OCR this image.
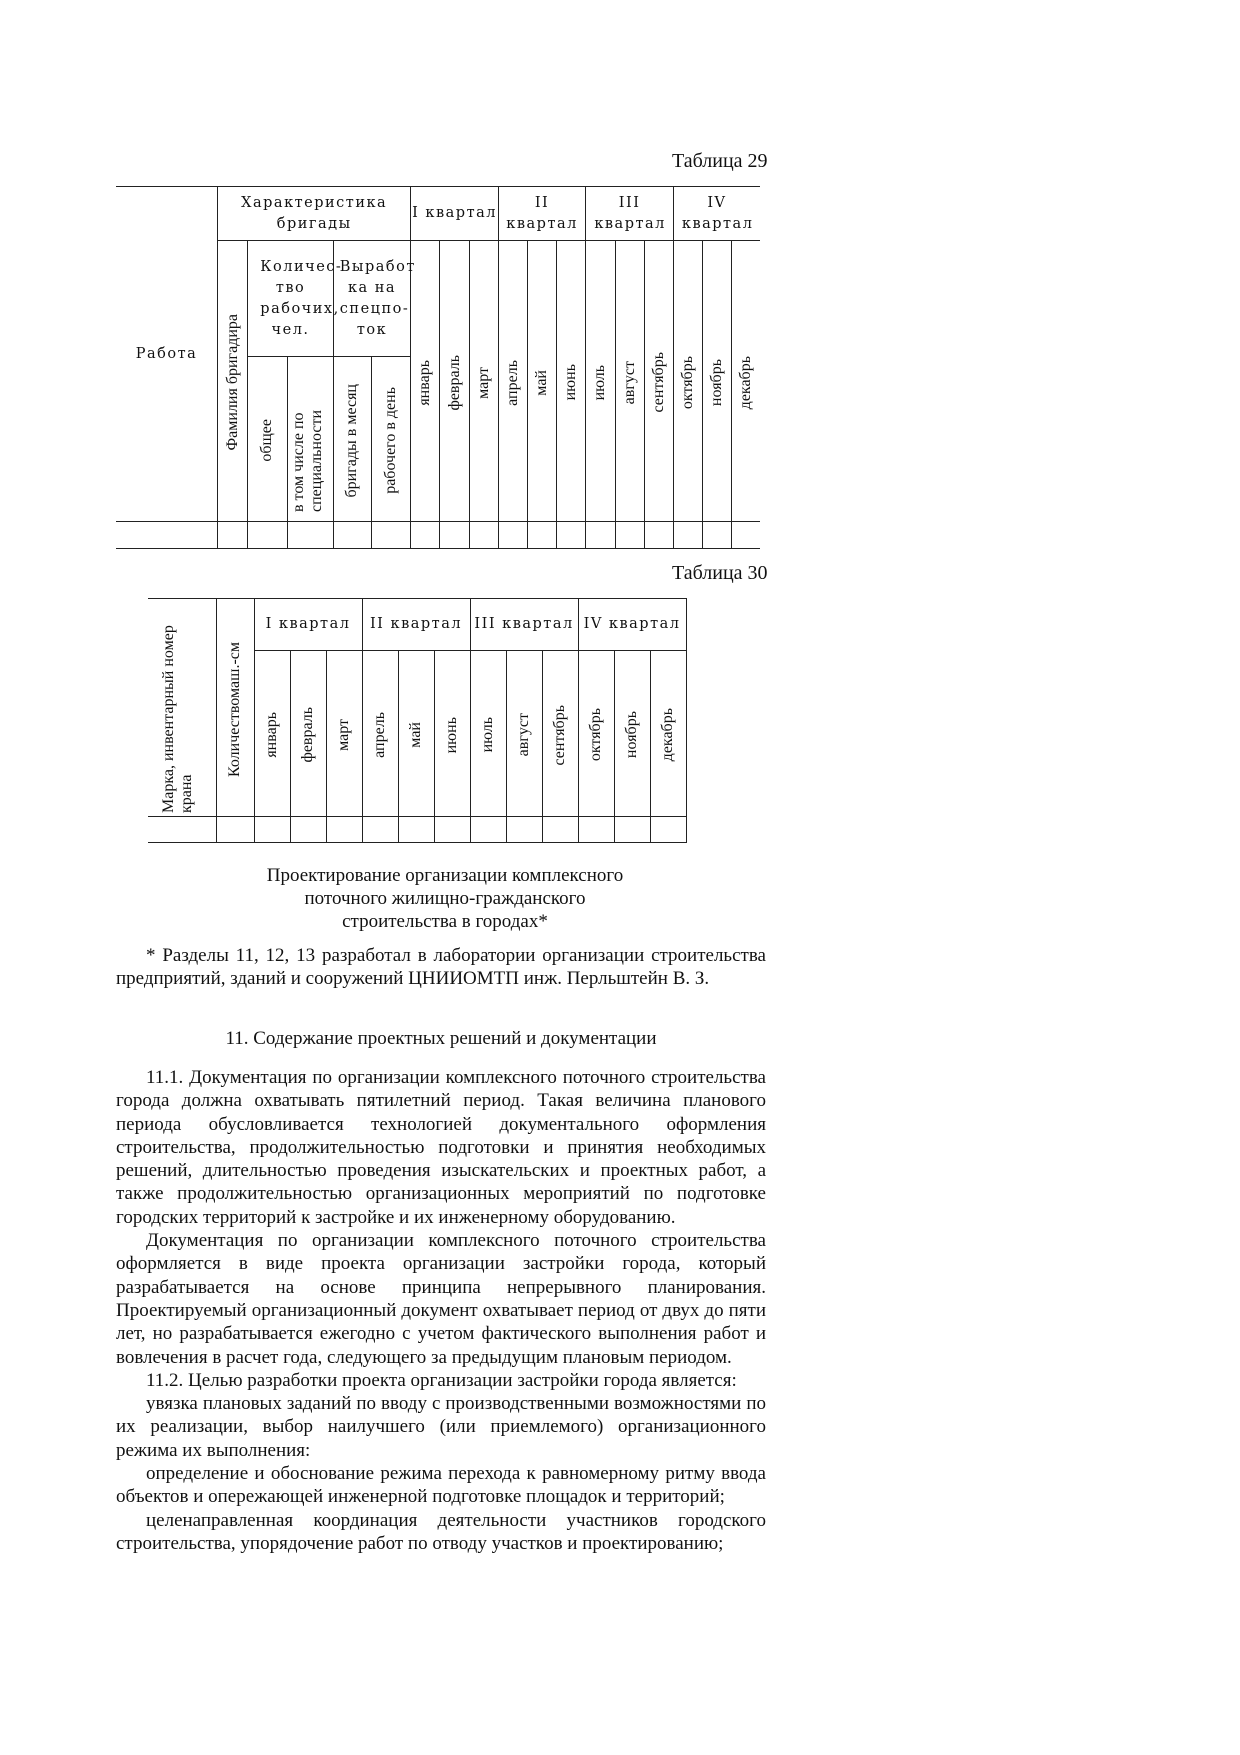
Таблица 29
Работа	Характеристика бригады					I квартал			II квартал			III квартал			IV квартал		

	Фамилия бригадира	Количес-тво рабочих, чел.		Выработ ка на спецпо-ток		январь	февраль	март	апрель	май	июнь	июль	август	сентябрь	октябрь	ноябрь	декабрь

		общее	в том числе по специальности	бригады в месяц	рабочего в день												

Таблица 30
Марка, инвентарный номер крана	Количествомаш.-см	I квартал			II квартал			III квартал			IV квартал		

		январь	февраль	март	апрель	май	июнь	июль	август	сентябрь	октябрь	ноябрь	декабрь

Проектирование организации комплексного
поточного жилищно-гражданского
строительства в городах*

* Разделы 11, 12, 13 разработал в лаборатории организации строительства предприятий, зданий и сооружений ЦНИИОМТП инж. Перльштейн В. З.

11. Содержание проектных решений и документации

11.1. Документация по организации комплексного поточного строительства города должна охватывать пятилетний период. Такая величина планового периода обусловливается технологией документального оформления строительства, продолжительностью подготовки и принятия необходимых решений, длительностью проведения изыскательских и проектных работ, а также продолжительностью организационных мероприятий по подготовке городских территорий к застройке и их инженерному оборудованию.

Документация по организации комплексного поточного строительства оформляется в виде проекта организации застройки города, который разрабатывается на основе принципа непрерывного планирования. Проектируемый организационный документ охватывает период от двух до пяти лет, но разрабатывается ежегодно с учетом фактического выполнения работ и вовлечения в расчет года, следующего за предыдущим плановым периодом.

11.2. Целью разработки проекта организации застройки города является:

увязка плановых заданий по вводу с производственными возможностями по их реализации, выбор наилучшего (или приемлемого) организационного режима их выполнения:

определение и обоснование режима перехода к равномерному ритму ввода объектов и опережающей инженерной подготовке площадок и территорий;

целенаправленная координация деятельности участников городского строительства, упорядочение работ по отводу участков и проектированию;
